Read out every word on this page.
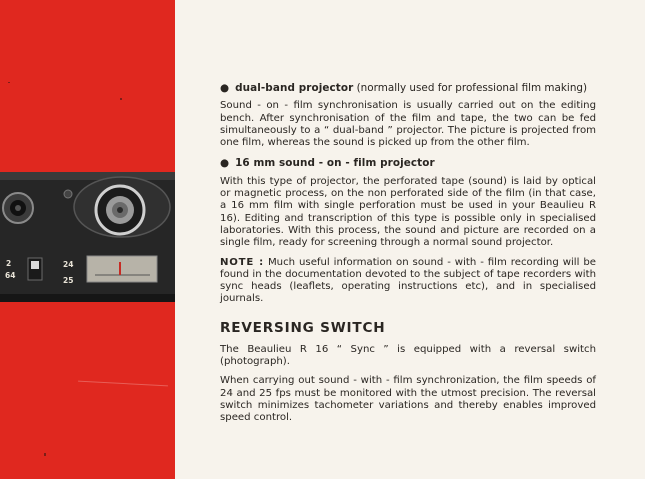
2
64
24
25
● dual-band projector (normally used for professional film making)

Sound - on - film synchronisation is usually carried out on the editing bench. After synchronisation of the film and tape, the two can be fed simultaneously to a “ dual-band ” projector. The picture is projected from one film, whereas the sound is picked up from the other film.

● 16 mm sound - on - film projector

With this type of projector, the perforated tape (sound) is laid by optical or magnetic process, on the non perforated side of the film (in that case, a 16 mm film with single perforation must be used in your Beaulieu R 16). Editing and transcription of this type is possible only in specialised laboratories. With this process, the sound and picture are recorded on a single film, ready for screening through a normal sound projector.

NOTE : Much useful information on sound - with - film recording will be found in the documentation devoted to the subject of tape recorders with sync heads (leaflets, operating instructions etc), and in specialised journals.

REVERSING SWITCH

The Beaulieu R 16 “ Sync ” is equipped with a reversal switch (photograph).

When carrying out sound - with - film synchronization, the film speeds of 24 and 25 fps must be monitored with the utmost precision. The reversal switch minimizes tachometer variations and thereby enables improved speed control.
